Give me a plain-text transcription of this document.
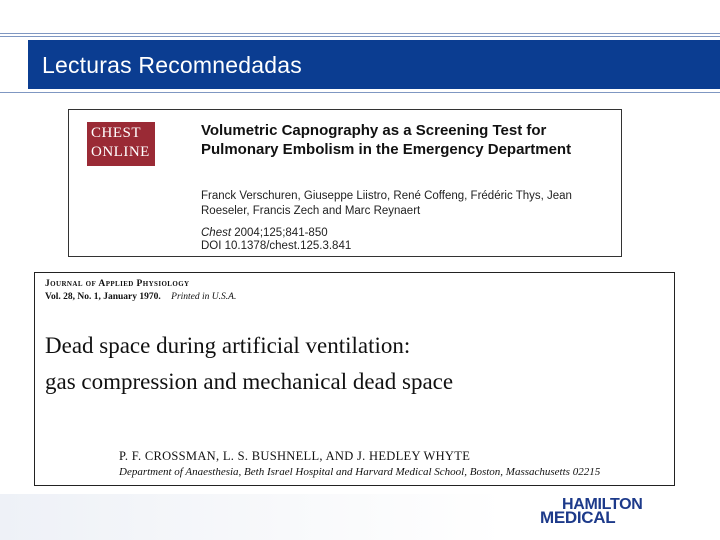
Lecturas Recomnedadas
CHEST
ONLINE
Volumetric Capnography as a Screening Test for Pulmonary Embolism in the Emergency Department
Franck Verschuren, Giuseppe Liistro, René Coffeng, Frédéric Thys, Jean Roeseler, Francis Zech and Marc Reynaert
Chest 2004;125;841-850
DOI 10.1378/chest.125.3.841
Journal of Applied Physiology
Vol. 28, No. 1, January 1970. Printed in U.S.A.
Dead space during artificial ventilation:
gas compression and mechanical dead space
P. F. CROSSMAN, L. S. BUSHNELL, AND J. HEDLEY WHYTE
Department of Anaesthesia, Beth Israel Hospital and Harvard Medical School, Boston, Massachusetts 02215
HAMILTON
MEDICAL
